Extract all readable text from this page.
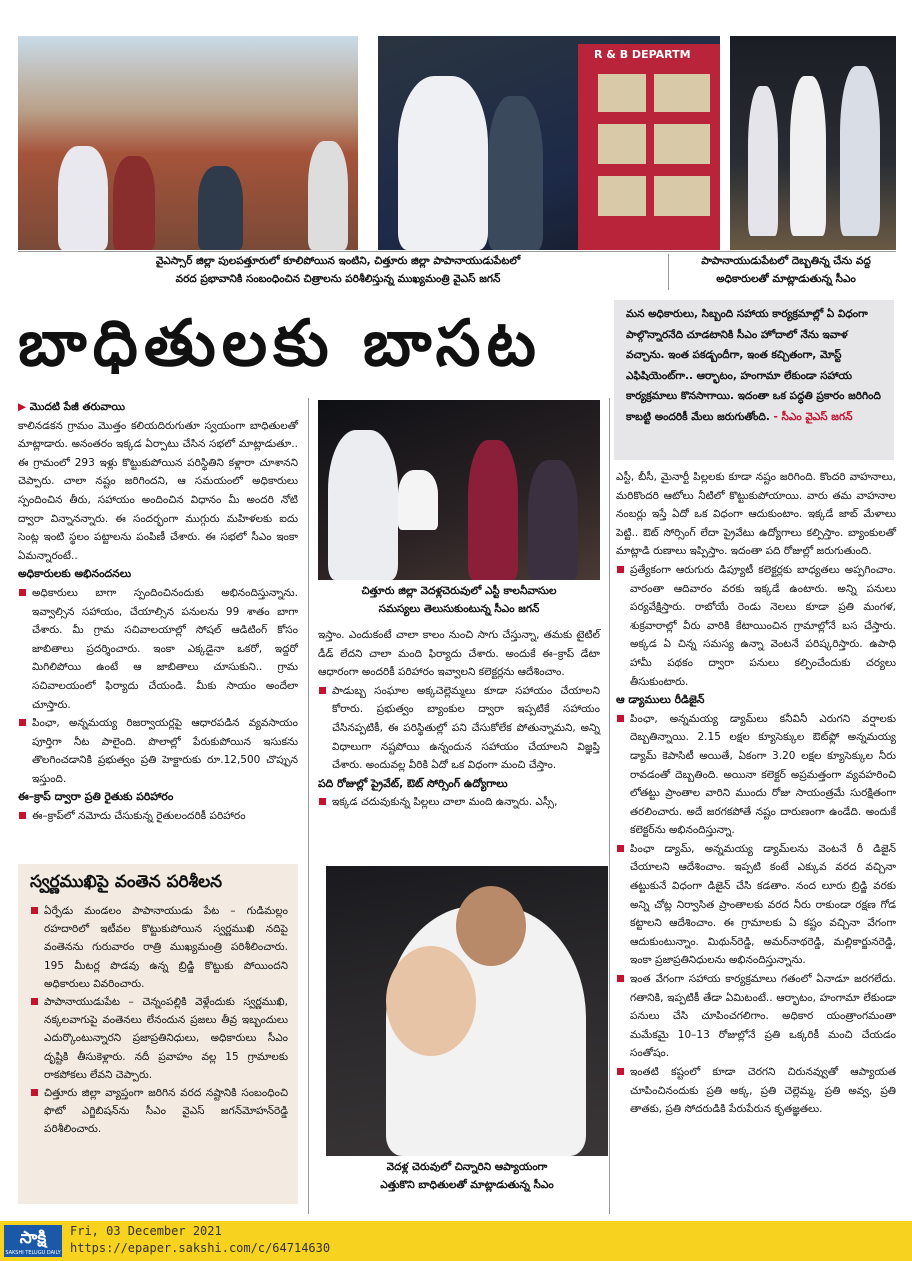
R & B DEPARTM
వైఎస్సార్ జిల్లా పులపత్తూరులో కూలిపోయిన ఇంటిని, చిత్తూరు జిల్లా పాపానాయుడుపేటలో
వరద ప్రభావానికి సంబంధించిన చిత్రాలను పరిశీలిస్తున్న ముఖ్యమంత్రి వైఎస్ జగన్
పాపానాయుడుపేటలో దెబ్బతిన్న చేను వద్ద
అధికారులతో మాట్లాడుతున్న సీఎం
బాధితులకు బాసట	మన అధికారులు, సిబ్బంది సహాయ కార్యక్రమాల్లో ఏ విధంగా పాల్గొన్నారనేది చూడటానికి సీఎం హోదాలో నేను ఇవాళ వచ్చాను. ఇంత పకడ్బందీగా, ఇంత కచ్చితంగా, మోస్ట్ ఎఫిషియెంట్‌గా.. ఆర్భాటం, హంగామా లేకుండా సహాయ కార్యక్రమాలు కొనసాగాయి. ఇదంతా ఒక పద్ధతి ప్రకారం జరిగింది కాబట్టి అందరికీ మేలు జరుగుతోంది. - సీఎం వైఎస్ జగన్

▶ మొదటి పేజీ తరువాయి

కాలినడకన గ్రామం మొత్తం కలియదిరుగుతూ స్వయంగా బాధితులతో మాట్లాడారు. అనంతరం ఇక్కడ ఏర్పాటు చేసిన సభలో మాట్లాడుతూ.. ఈ గ్రామంలో 293 ఇళ్లు కొట్టుకుపోయిన పరిస్థితిని కళ్లారా చూశానని చెప్పారు. చాలా నష్టం జరిగిందని, ఆ సమయంలో అధికారులు స్పందించిన తీరు, సహాయం అందించిన విధానం మీ అందరి నోటి ద్వారా విన్నానన్నారు. ఈ సందర్భంగా ముగ్గురు మహిళలకు ఐదు సెంట్ల ఇంటి స్థలం పట్టాలను పంపిణీ చేశారు. ఈ సభలో సీఎం ఇంకా ఏమన్నారంటే..

అధికారులకు అభినందనలు

అధికారులు బాగా స్పందించినందుకు అభినందిస్తున్నాను. ఇవ్వాల్సిన సహాయం, చేయాల్సిన పనులను 99 శాతం బాగా చేశారు. మీ గ్రామ సచివాలయాల్లో సోషల్ ఆడిటింగ్ కోసం జాబితాలు ప్రదర్శించారు. ఇంకా ఎక్కడైనా ఒకరో, ఇద్దరో మిగిలిపోయి ఉంటే ఆ జాబితాలు చూసుకుని.. గ్రామ సచివాలయంలో ఫిర్యాదు చేయండి. మీకు సాయం అందేలా చూస్తారు.

పింఛా, అన్నమయ్య రిజర్వాయర్లపై ఆధారపడిన వ్యవసాయం పూర్తిగా నీట పాలైంది. పొలాల్లో పేరుకుపోయిన ఇసుకను తొలగించడానికి ప్రభుత్వం ప్రతి హెక్టారుకు రూ.12,500 చొప్పున ఇస్తుంది.

ఈ–క్రాప్‌ ద్వారా ప్రతి రైతుకు పరిహారం

ఈ–క్రాప్‌లో నమోదు చేసుకున్న రైతులందరికీ పరిహారం

స్వర్ణముఖిపై వంతెన పరిశీలన

ఏర్పేడు మండలం పాపానాయుడు పేట – గుడిమల్లం రహదారిలో ఇటీవల కొట్టుకుపోయిన స్వర్ణముఖి నదిపై వంతెనను గురువారం రాత్రి ముఖ్యమంత్రి పరిశీలించారు. 195 మీటర్ల పొడవు ఉన్న బ్రిడ్జి కొట్టుకు పోయిందని అధికారులు వివరించారు.

పాపానాయుడుపేట – చెన్నంపల్లికి వెళ్లేందుకు స్వర్ణముఖి, నక్కలవాగుపై వంతెనలు లేనందున ప్రజలు తీవ్ర ఇబ్బందులు ఎదుర్కొంటున్నారని ప్రజాప్రతినిధులు, అధికారులు సీఎం దృష్టికి తీసుకెళ్లారు. నదీ ప్రవాహం వల్ల 15 గ్రామాలకు రాకపోకలు లేవని చెప్పారు.

చిత్తూరు జిల్లా వ్యాప్తంగా జరిగిన వరద నష్టానికి సంబంధించి ఫొటో ఎగ్జిబిషన్‌ను సీఎం వైఎస్ జగన్‌మోహన్‌రెడ్డి పరిశీలించారు.

చిత్తూరు జిల్లా వెదళ్లచెరువులో ఎస్టీ కాలనీవాసుల
సమస్యలు తెలుసుకుంటున్న సీఎం జగన్

ఇస్తాం. ఎందుకంటే చాలా కాలం నుంచి సాగు చేస్తున్నా, తమకు టైటిల్‌ డీడ్‌ లేదని చాలా మంది ఫిర్యాదు చేశారు. అందుకే ఈ–క్రాప్‌ డేటా ఆధారంగా అందరికీ పరిహారం ఇవ్వాలని కలెక్టర్లను ఆదేశించాం.

పాడుబ్బ సంఘాల అక్కచెల్లెమ్మలు కూడా సహాయం చేయాలని కోరారు. ప్రభుత్వం బ్యాంకుల ద్వారా ఇప్పటికే సహాయం చేసినప్పటికీ, ఈ పరిస్థితుల్లో పని చేసుకోలేక పోతున్నామని, అన్ని విధాలుగా నష్టపోయి ఉన్నందున సహాయం చేయాలని విజ్ఞప్తి చేశారు. అందువల్ల వీరికి ఏదో ఒక విధంగా మంచి చేస్తాం.

పది రోజుల్లో ప్రైవేట్, ఔట్ సోర్సింగ్ ఉద్యోగాలు

ఇక్కడ చదువుకున్న పిల్లలు చాలా మంది ఉన్నారు. ఎస్సీ,

వెదళ్ల చెరువులో చిన్నారిని ఆప్యాయంగా
ఎత్తుకొని బాధితులతో మాట్లాడుతున్న సీఎం

ఎస్టీ, బీసీ, మైనార్టీ పిల్లలకు కూడా నష్టం జరిగింది. కొందరి వాహనాలు, మరికొందరి ఆటోలు నీటిలో కొట్టుకుపోయాయి. వారు తమ వాహనాల నంబర్లు ఇస్తే ఏదో ఒక విధంగా ఆదుకుంటాం. ఇక్కడే జాబ్‌ మేళాలు పెట్టి.. ఔట్‌ సోర్సింగ్‌ లేదా ప్రైవేటు ఉద్యోగాలు కల్పిస్తాం. బ్యాంకులతో మాట్లాడి రుణాలు ఇప్పిస్తాం. ఇదంతా పది రోజుల్లో జరుగుతుంది.

ప్రత్యేకంగా ఆరుగురు డిప్యూటీ కలెక్టర్లకు బాధ్యతలు అప్పగించాం. వారంతా ఆదివారం వరకు ఇక్కడే ఉంటారు. అన్ని పనులు పర్యవేక్షిస్తారు. రాబోయే రెండు నెలలు కూడా ప్రతి మంగళ, శుక్రవారాల్లో వీరు వారికి కేటాయించిన గ్రామాల్లోనే బస చేస్తారు. అక్కడ ఏ చిన్న సమస్య ఉన్నా వెంటనే పరిష్కరిస్తారు. ఉపాధి హామీ పథకం ద్వారా పనులు కల్పించేందుకు చర్యలు తీసుకుంటారు.

ఆ డ్యాములు రీడిజైన్‌

పింఛా, అన్నమయ్య డ్యామ్‌లు కనీవినీ ఎరుగని వర్షాలకు దెబ్బతిన్నాయి. 2.15 లక్షల క్యూసెక్కుల ఔట్‌ఫ్లో అన్నమయ్య డ్యామ్‌ కెపాసిటీ అయితే, ఏకంగా 3.20 లక్షల క్యూసెక్కుల నీరు రావడంతో దెబ్బతింది. అయినా కలెక్టర్‌ అప్రమత్తంగా వ్యవహరించి లోతట్టు ప్రాంతాల వారిని ముందు రోజు సాయంత్రమే సురక్షితంగా తరలించారు. అదే జరగకపోతే నష్టం దారుణంగా ఉండేది. అందుకే కలెక్టర్‌ను అభినందిస్తున్నా.

పింఛా డ్యామ్, అన్నమయ్య డ్యామ్‌లను వెంటనే రీ డిజైన్‌ చేయాలని ఆదేశించాం. ఇప్పటి కంటే ఎక్కువ వరద వచ్చినా తట్టుకునే విధంగా డిజైన్‌ చేసి కడతాం. నంద లూరు బ్రిడ్జి వరకు అన్ని చోట్ల నిర్వాసిత ప్రాంతాలకు వరద నీరు రాకుండా రక్షణ గోడ కట్టాలని ఆదేశించాం. ఈ గ్రామాలకు ఏ కష్టం వచ్చినా వేగంగా ఆదుకుంటున్నాం. మిథున్‌రెడ్డి, అమర్‌నాథరెడ్డి, మల్లికార్జునరెడ్డి, ఇంకా ప్రజాప్రతినిధులను అభినందిస్తున్నాను.

ఇంత వేగంగా సహాయ కార్యక్రమాలు గతంలో ఏనాడూ జరగలేదు. గతానికి, ఇప్పటికీ తేడా ఏమిటంటే.. ఆర్భాటం, హంగామా లేకుండా పనులు చేసి చూపించగలిగాం. అధికార యంత్రాంగమంతా మమేకమై 10–13 రోజుల్లోనే ప్రతి ఒక్కరికీ మంచి చేయడం సంతోషం.

ఇంతటి కష్టంలో కూడా చెరగని చిరునవ్వుతో ఆప్యాయత చూపించినందుకు ప్రతి అక్క, ప్రతి చెల్లెమ్మ, ప్రతి అవ్వ, ప్రతి తాతకు, ప్రతి సోదరుడికి పేరుపేరున కృతజ్ఞతలు.

సాక్షి
SAKSHI TELUGU DAILY
Fri, 03 December 2021
https://epaper.sakshi.com/c/64714630
